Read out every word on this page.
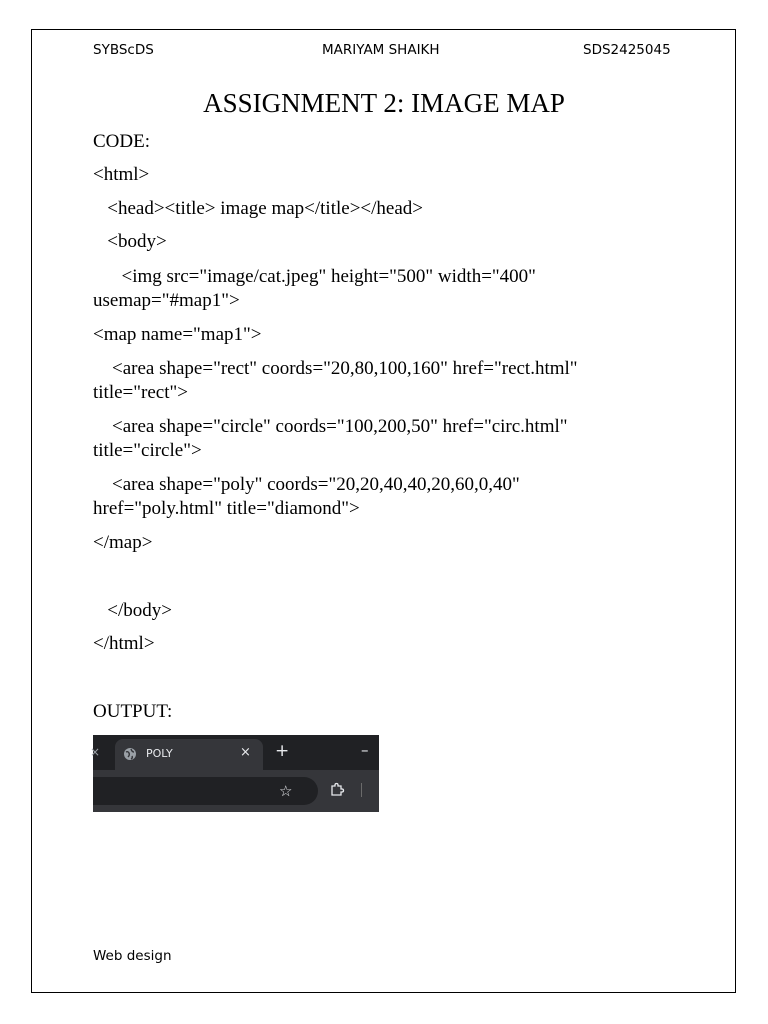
SYBScDS	MARIYAM SHAIKH	SDS2425045
ASSIGNMENT 2: IMAGE MAP
CODE:
<html>
<head><title> image map</title></head>
<body>
<img src="image/cat.jpeg" height="500" width="400" usemap="#map1">
<map name="map1">
<area shape="rect" coords="20,80,100,160" href="rect.html" title="rect">
<area shape="circle" coords="100,200,50" href="circ.html" title="circle">
<area shape="poly" coords="20,20,40,40,20,60,0,40" href="poly.html" title="diamond">
</map>
</body>
</html>
OUTPUT:
×	POLY	× +	–
☆
Web design
